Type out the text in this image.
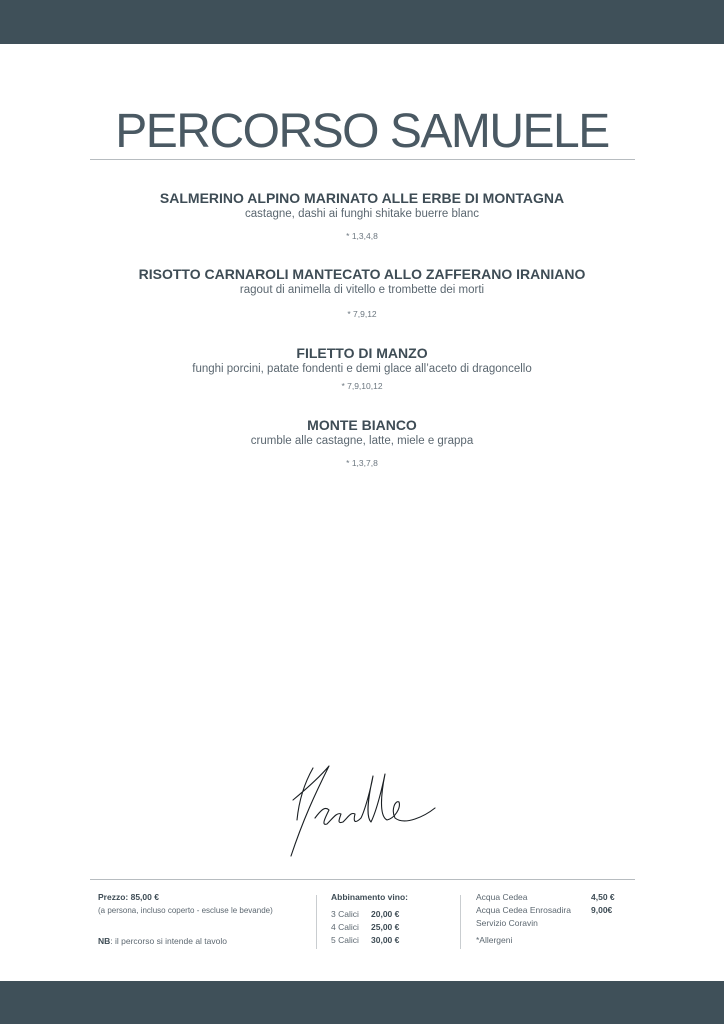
PERCORSO SAMUELE
SALMERINO ALPINO MARINATO ALLE ERBE DI MONTAGNA
castagne, dashi ai funghi shitake buerre blanc
* 1,3,4,8
RISOTTO CARNAROLI MANTECATO ALLO ZAFFERANO IRANIANO
ragout di animella di vitello e trombette dei morti
* 7,9,12
FILETTO DI MANZO
funghi porcini, patate fondenti e demi glace all’aceto di dragoncello
* 7,9,10,12
MONTE BIANCO
crumble alle castagne, latte, miele e grappa
* 1,3,7,8
Prezzo: 85,00 €
(a persona, incluso coperto - escluse le bevande)
NB: il percorso si intende al tavolo
Abbinamento vino:
3 Calici	20,00 €
4 Calici	25,00 €
5 Calici	30,00 €
Acqua Cedea	4,50 €
Acqua Cedea Enrosadira	9,00€
Servizio Coravin
*Allergeni
